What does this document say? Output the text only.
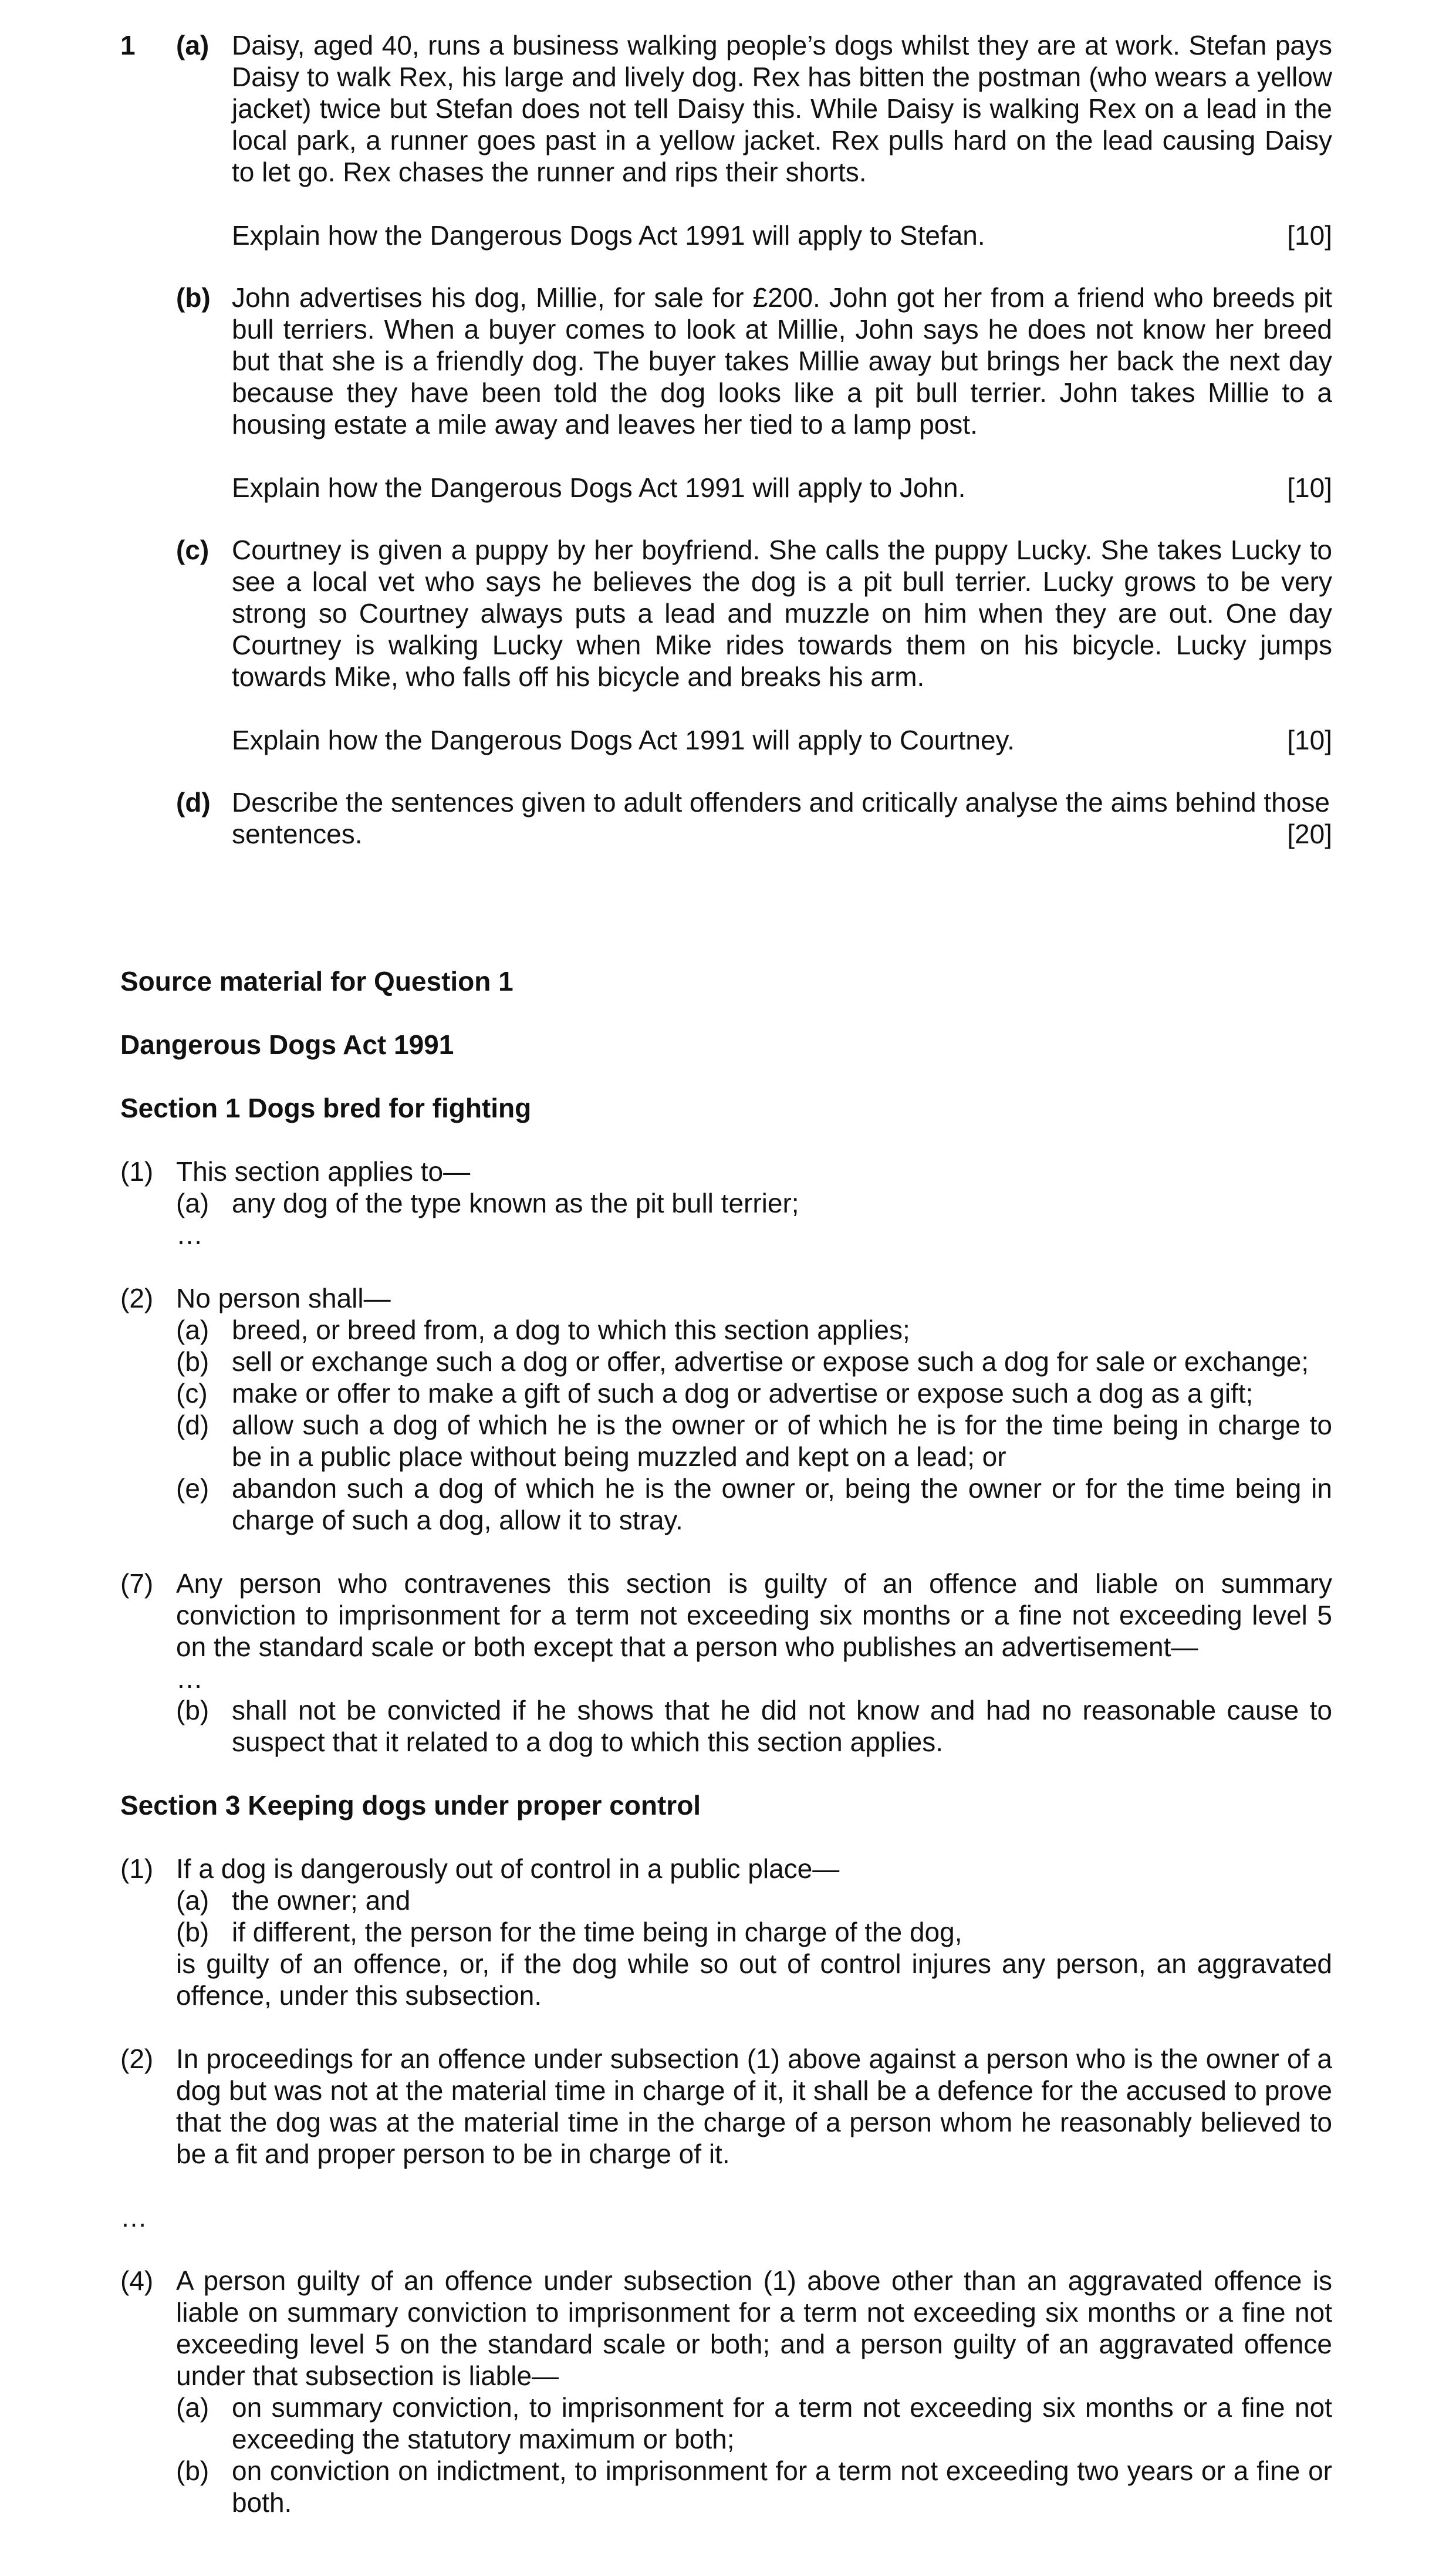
1	(a) Daisy, aged 40, runs a business walking people’s dogs whilst they are at work. Stefan pays Daisy to walk Rex, his large and lively dog. Rex has bitten the postman (who wears a yellow jacket) twice but Stefan does not tell Daisy this. While Daisy is walking Rex on a lead in the local park, a runner goes past in a yellow jacket. Rex pulls hard on the lead causing Daisy to let go. Rex chases the runner and rips their shorts.
Explain how the Dangerous Dogs Act 1991 will apply to Stefan.	[10]
(b) John advertises his dog, Millie, for sale for £200. John got her from a friend who breeds pit bull terriers. When a buyer comes to look at Millie, John says he does not know her breed but that she is a friendly dog. The buyer takes Millie away but brings her back the next day because they have been told the dog looks like a pit bull terrier. John takes Millie to a housing estate a mile away and leaves her tied to a lamp post.
Explain how the Dangerous Dogs Act 1991 will apply to John.	[10]
(c) Courtney is given a puppy by her boyfriend. She calls the puppy Lucky. She takes Lucky to see a local vet who says he believes the dog is a pit bull terrier. Lucky grows to be very strong so Courtney always puts a lead and muzzle on him when they are out. One day Courtney is walking Lucky when Mike rides towards them on his bicycle. Lucky jumps towards Mike, who falls off his bicycle and breaks his arm.
Explain how the Dangerous Dogs Act 1991 will apply to Courtney.	[10]
(d) Describe the sentences given to adult offenders and critically analyse the aims behind those
sentences.	[20]
Source material for Question 1
Dangerous Dogs Act 1991
Section 1 Dogs bred for fighting
(1) This section applies to—
(a) any dog of the type known as the pit bull terrier;
…
(2) No person shall—
(a) breed, or breed from, a dog to which this section applies;
(b) sell or exchange such a dog or offer, advertise or expose such a dog for sale or exchange;
(c) make or offer to make a gift of such a dog or advertise or expose such a dog as a gift;
(d) allow such a dog of which he is the owner or of which he is for the time being in charge to be in a public place without being muzzled and kept on a lead; or
(e) abandon such a dog of which he is the owner or, being the owner or for the time being in charge of such a dog, allow it to stray.
(7) Any person who contravenes this section is guilty of an offence and liable on summary conviction to imprisonment for a term not exceeding six months or a fine not exceeding level 5 on the standard scale or both except that a person who publishes an advertisement—
…
(b) shall not be convicted if he shows that he did not know and had no reasonable cause to suspect that it related to a dog to which this section applies.
Section 3 Keeping dogs under proper control
(1) If a dog is dangerously out of control in a public place—
(a) the owner; and
(b) if different, the person for the time being in charge of the dog,
is guilty of an offence, or, if the dog while so out of control injures any person, an aggravated offence, under this subsection.
(2) In proceedings for an offence under subsection (1) above against a person who is the owner of a dog but was not at the material time in charge of it, it shall be a defence for the accused to prove that the dog was at the material time in the charge of a person whom he reasonably believed to be a fit and proper person to be in charge of it.
…
(4) A person guilty of an offence under subsection (1) above other than an aggravated offence is liable on summary conviction to imprisonment for a term not exceeding six months or a fine not exceeding level 5 on the standard scale or both; and a person guilty of an aggravated offence under that subsection is liable—
(a) on summary conviction, to imprisonment for a term not exceeding six months or a fine not exceeding the statutory maximum or both;
(b) on conviction on indictment, to imprisonment for a term not exceeding two years or a fine or both.
